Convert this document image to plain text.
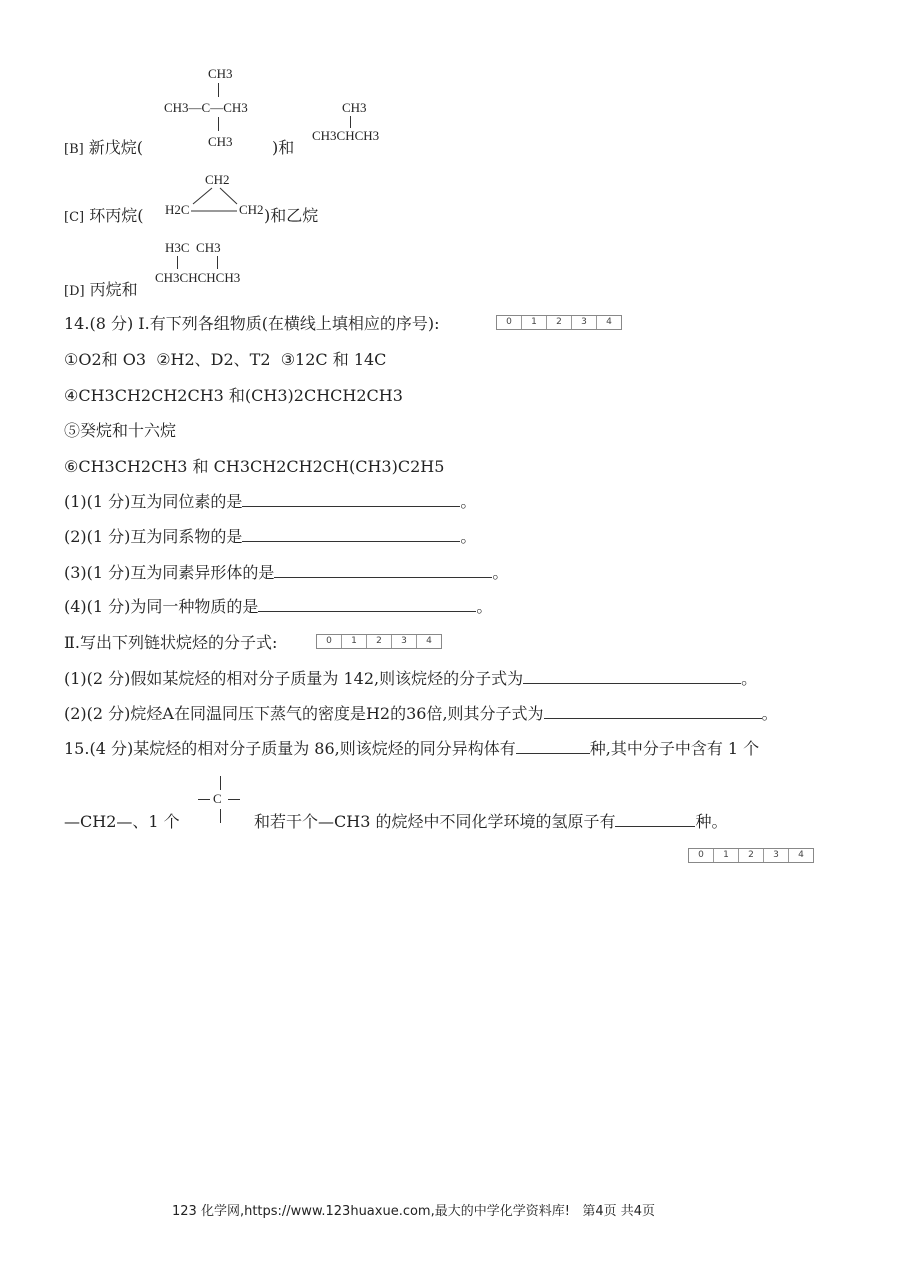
CH3
CH3—C—CH3
CH3
[B] 新戊烷(	)和
CH3
CH3CHCH3
CH2
H2C	CH2
[C] 环丙烷(	)和乙烷
[D] 丙烷和
H3C  CH3
CH3CHCHCH3
14.(8 分) Ⅰ.有下列各组物质(在横线上填相应的序号):	0	1	2	3	4
①O2和 O3  ②H2、D2、T2  ③12C 和 14C
④CH3CH2CH2CH3 和(CH3)2CHCH2CH3
⑤癸烷和十六烷
⑥CH3CH2CH3 和 CH3CH2CH2CH(CH3)C2H5
(1)(1 分)互为同位素的是	。
(2)(1 分)互为同系物的是	。
(3)(1 分)互为同素异形体的是	。
(4)(1 分)为同一种物质的是	。
Ⅱ.写出下列链状烷烃的分子式:	0	1	2	3	4
(1)(2 分)假如某烷烃的相对分子质量为 142,则该烷烃的分子式为	。
(2)(2 分)烷烃A在同温同压下蒸气的密度是H2的36倍,则其分子式为	。
15.(4 分)某烷烃的相对分子质量为 86,则该烷烃的同分异构体有	种,其中分子中含有 1 个
C
—CH2—、1 个	和若干个—CH3 的烷烃中不同化学环境的氢原子有	种。
0	1	2	3	4
123 化学网,https://www.123huaxue.com,最大的中学化学资料库!   第4页 共4页
